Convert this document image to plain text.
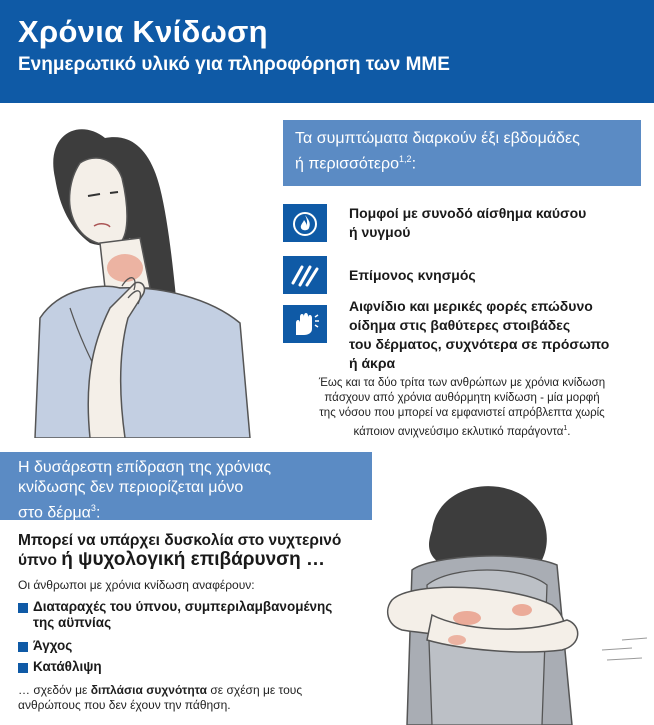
Χρόνια Κνίδωση
Ενημερωτικό υλικό για πληροφόρηση των ΜΜΕ
Τα συμπτώματα διαρκούν έξι εβδομάδες
ή περισσότερο$^{1,2}$:
Πομφοί με συνοδό αίσθημα καύσου
ή νυγμού
Επίμονος κνησμός
Αιφνίδιο και μερικές φορές επώδυνο
οίδημα στις βαθύτερες στοιβάδες
του δέρματος, συχνότερα σε πρόσωπο
ή άκρα
Έως και τα δύο τρίτα των ανθρώπων με χρόνια κνίδωση
πάσχουν από χρόνια αυθόρμητη κνίδωση - μία μορφή
της νόσου που μπορεί να εμφανιστεί απρόβλεπτα χωρίς
κάποιον ανιχνεύσιμο εκλυτικό παράγοντα$^1$.
Η δυσάρεστη επίδραση της χρόνιας
κνίδωσης δεν περιορίζεται μόνο
στο δέρμα$^3$:
Μπορεί να υπάρχει δυσκολία στο νυχτερινό
ύπνο ή ψυχολογική επιβάρυνση …
Οι άνθρωποι με χρόνια κνίδωση αναφέρουν:
Διαταραχές του ύπνου, συμπεριλαμβανομένης
της αϋπνίας
Άγχος
Κατάθλιψη
… σχεδόν με διπλάσια συχνότητα σε σχέση με τους
ανθρώπους που δεν έχουν την πάθηση.
